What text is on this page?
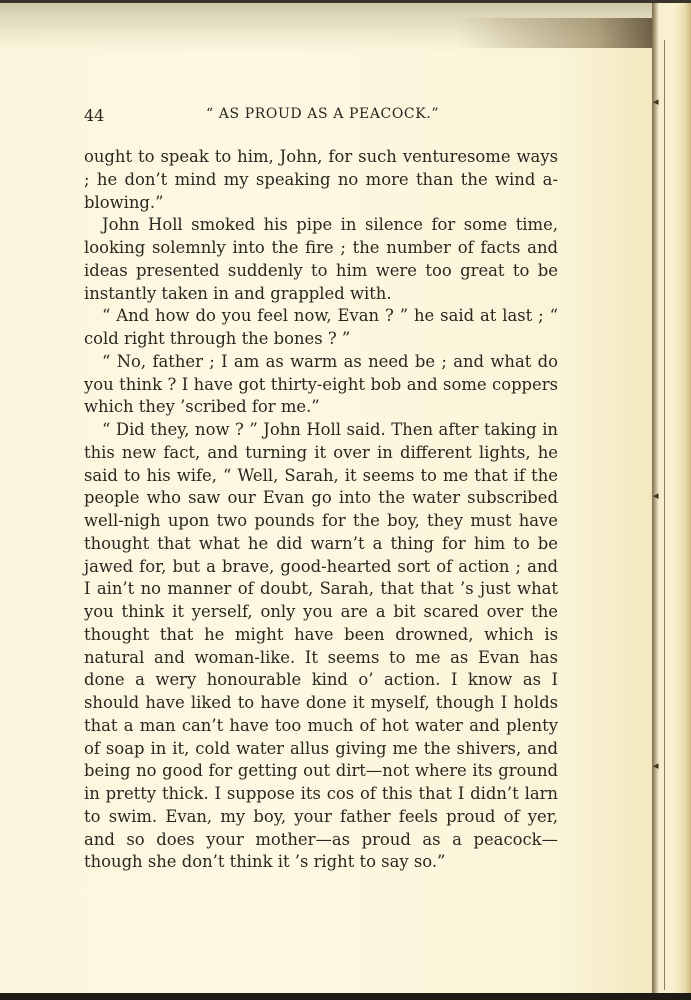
44	“ AS PROUD AS A PEACOCK.”

ought to speak to him, John, for such venturesome ways ; he don’t mind my speaking no more than the wind a-blowing.”

John Holl smoked his pipe in silence for some time, looking solemnly into the fire ; the number of facts and ideas presented suddenly to him were too great to be instantly taken in and grappled with.

“ And how do you feel now, Evan ? ” he said at last ; “ cold right through the bones ? ”

“ No, father ; I am as warm as need be ; and what do you think ? I have got thirty-eight bob and some coppers which they ’scribed for me.”

“ Did they, now ? ” John Holl said. Then after taking in this new fact, and turning it over in different lights, he said to his wife, “ Well, Sarah, it seems to me that if the people who saw our Evan go into the water subscribed well-nigh upon two pounds for the boy, they must have thought that what he did warn’t a thing for him to be jawed for, but a brave, good-hearted sort of action ; and I ain’t no manner of doubt, Sarah, that that ’s just what you think it yerself, only you are a bit scared over the thought that he might have been drowned, which is natural and woman-like. It seems to me as Evan has done a wery honourable kind o’ action. I know as I should have liked to have done it myself, though I holds that a man can’t have too much of hot water and plenty of soap in it, cold water allus giving me the shivers, and being no good for getting out dirt—not where its ground in pretty thick. I suppose its cos of this that I didn’t larn to swim. Evan, my boy, your father feels proud of yer, and so does your mother—as proud as a peacock—though she don’t think it ’s right to say so.”

◂
◂
◂
